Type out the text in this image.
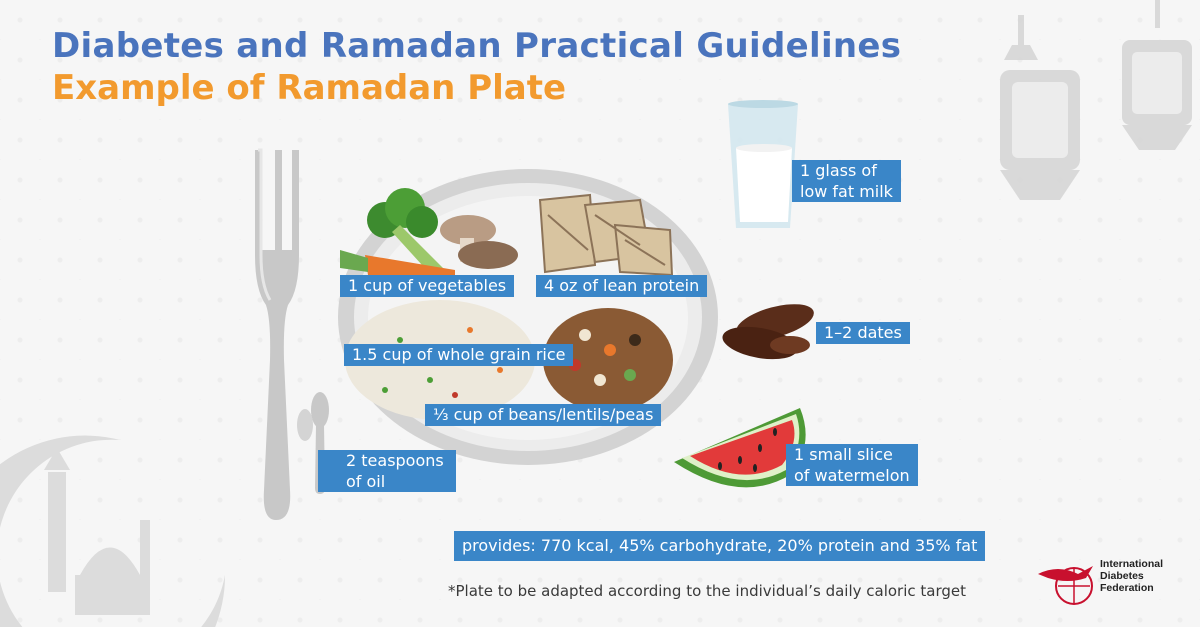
Diabetes and Ramadan Practical Guidelines
Example of Ramadan Plate
1 cup of vegetables	4 oz of lean protein
1.5 cup of whole grain rice
⅓ cup of beans/lentils/peas
1 glass of
low fat milk
1–2 dates
1 small slice
of watermelon
2 teaspoons
of oil
provides: 770 kcal, 45% carbohydrate, 20% protein and 35% fat
*Plate to be adapted according to the individual’s daily caloric target
International
Diabetes
Federation
